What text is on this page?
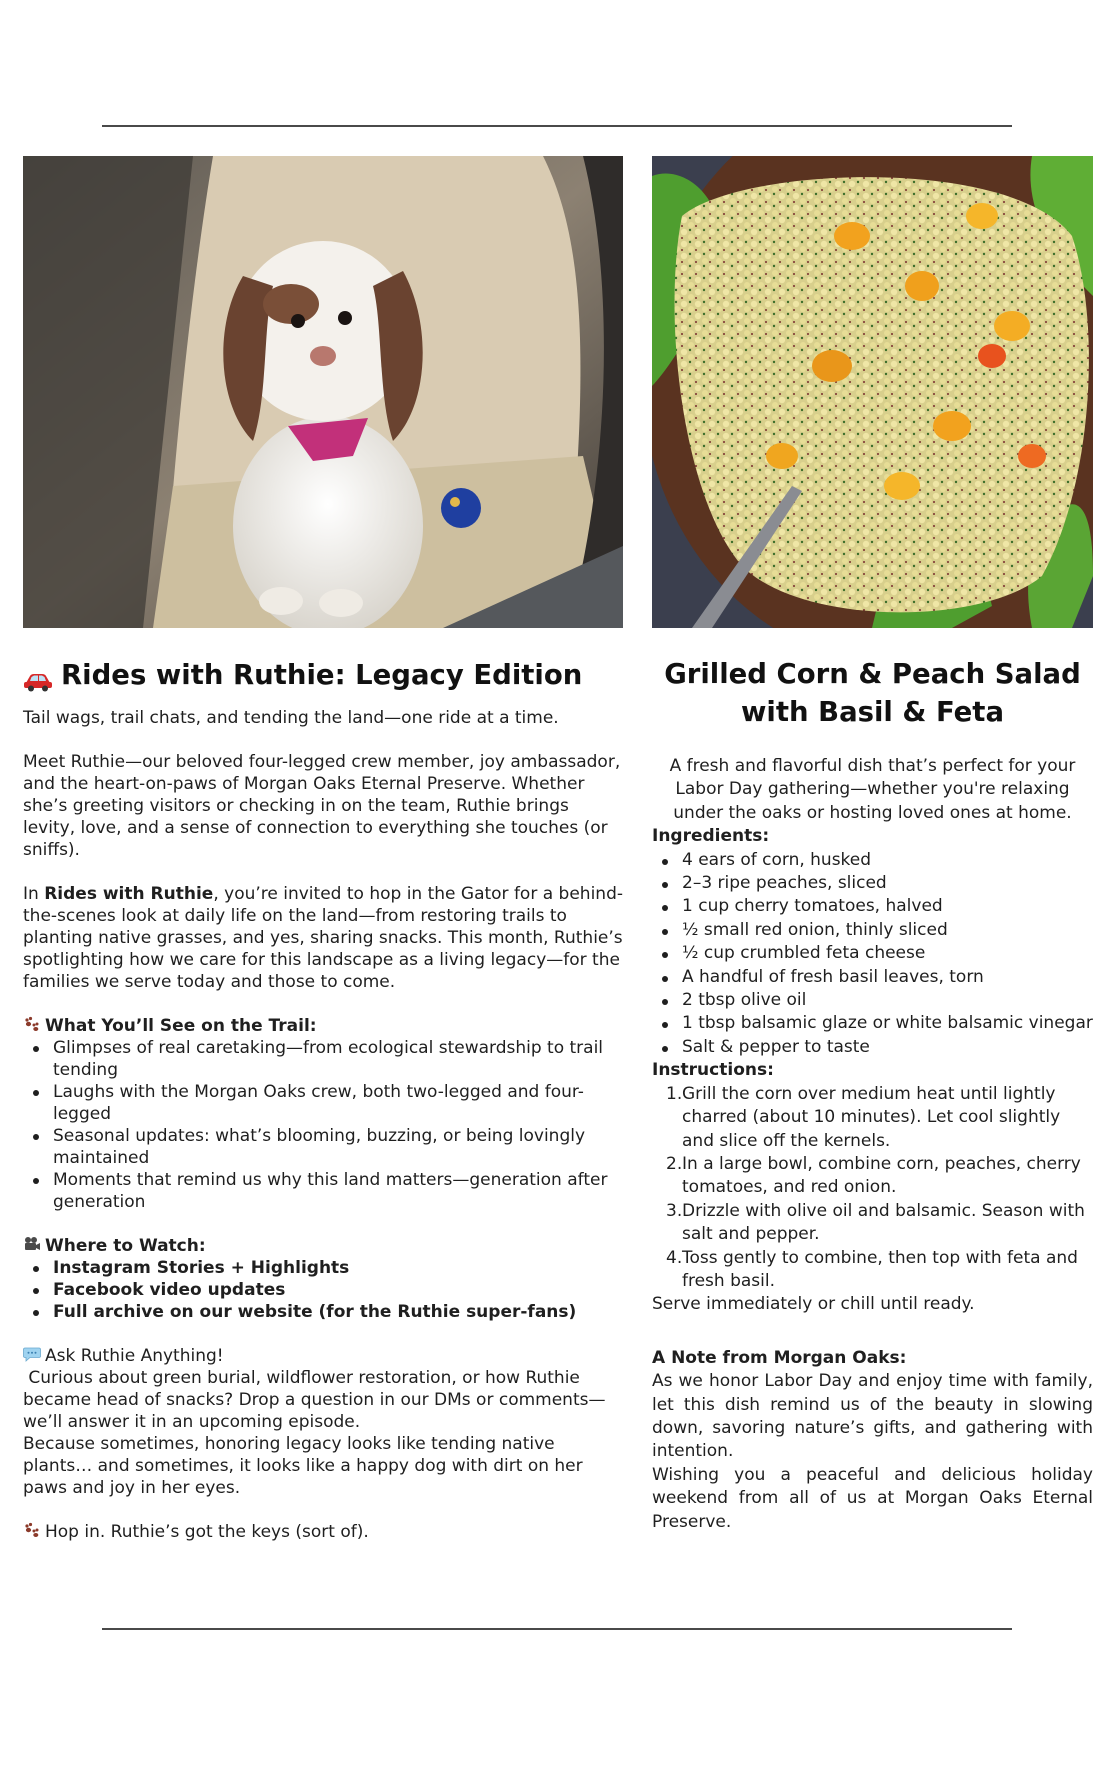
Rides with Ruthie: Legacy Edition

Tail wags, trail chats, and tending the land—one ride at a time.

Meet Ruthie—our beloved four-legged crew member, joy ambassador, and the heart-on-paws of Morgan Oaks Eternal Preserve. Whether she’s greeting visitors or checking in on the team, Ruthie brings levity, love, and a sense of connection to everything she touches (or sniffs).

In Rides with Ruthie, you’re invited to hop in the Gator for a behind-the-scenes look at daily life on the land—from restoring trails to planting native grasses, and yes, sharing snacks. This month, Ruthie’s spotlighting how we care for this landscape as a living legacy—for the families we serve today and those to come.

What You’ll See on the Trail:

Glimpses of real caretaking—from ecological stewardship to trail tending
Laughs with the Morgan Oaks crew, both two-legged and four-legged
Seasonal updates: what’s blooming, buzzing, or being lovingly maintained
Moments that remind us why this land matters—generation after generation

Where to Watch:

Instagram Stories + Highlights
Facebook video updates
Full archive on our website (for the Ruthie super-fans)

Ask Ruthie Anything!

Curious about green burial, wildflower restoration, or how Ruthie became head of snacks? Drop a question in our DMs or comments—we’ll answer it in an upcoming episode.

Because sometimes, honoring legacy looks like tending native plants… and sometimes, it looks like a happy dog with dirt on her paws and joy in her eyes.

Hop in. Ruthie’s got the keys (sort of).

Grilled Corn & Peach Salad with Basil & Feta

A fresh and flavorful dish that’s perfect for your Labor Day gathering—whether you're relaxing under the oaks or hosting loved ones at home.

Ingredients:

4 ears of corn, husked
2–3 ripe peaches, sliced
1 cup cherry tomatoes, halved
½ small red onion, thinly sliced
½ cup crumbled feta cheese
A handful of fresh basil leaves, torn
2 tbsp olive oil
1 tbsp balsamic glaze or white balsamic vinegar
Salt & pepper to taste

Instructions:

1. Grill the corn over medium heat until lightly charred (about 10 minutes). Let cool slightly and slice off the kernels.
2. In a large bowl, combine corn, peaches, cherry tomatoes, and red onion.
3. Drizzle with olive oil and balsamic. Season with salt and pepper.
4. Toss gently to combine, then top with feta and fresh basil.

Serve immediately or chill until ready.

A Note from Morgan Oaks:

As we honor Labor Day and enjoy time with family, let this dish remind us of the beauty in slowing down, savoring nature’s gifts, and gathering with intention.

Wishing you a peaceful and delicious holiday weekend from all of us at Morgan Oaks Eternal Preserve.
